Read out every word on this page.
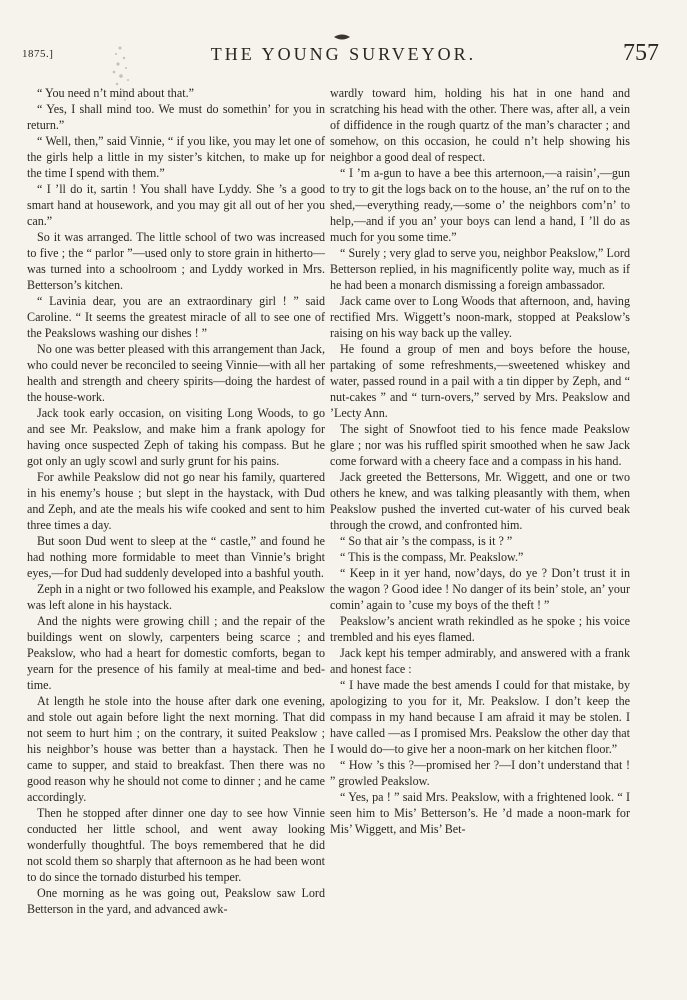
1875.]	THE YOUNG SURVEYOR.	757

“ You need n’t mind about that.”

“ Yes, I shall mind too. We must do somethin’ for you in return.”

“ Well, then,” said Vinnie, “ if you like, you may let one of the girls help a little in my sister’s kitchen, to make up for the time I spend with them.”

“ I ’ll do it, sartin ! You shall have Lyddy. She ’s a good smart hand at housework, and you may git all out of her you can.”

So it was arranged. The little school of two was increased to five ; the “ parlor ”—used only to store grain in hitherto—was turned into a schoolroom ; and Lyddy worked in Mrs. Betterson’s kitchen.

“ Lavinia dear, you are an extraordinary girl ! ” said Caroline. “ It seems the greatest miracle of all to see one of the Peakslows washing our dishes ! ”

No one was better pleased with this arrangement than Jack, who could never be reconciled to seeing Vinnie—with all her health and strength and cheery spirits—doing the hardest of the house-work.

Jack took early occasion, on visiting Long Woods, to go and see Mr. Peakslow, and make him a frank apology for having once suspected Zeph of taking his compass. But he got only an ugly scowl and surly grunt for his pains.

For awhile Peakslow did not go near his family, quartered in his enemy’s house ; but slept in the haystack, with Dud and Zeph, and ate the meals his wife cooked and sent to him three times a day.

But soon Dud went to sleep at the “ castle,” and found he had nothing more formidable to meet than Vinnie’s bright eyes,—for Dud had suddenly developed into a bashful youth.

Zeph in a night or two followed his example, and Peakslow was left alone in his haystack.

And the nights were growing chill ; and the repair of the buildings went on slowly, carpenters being scarce ; and Peakslow, who had a heart for domestic comforts, began to yearn for the presence of his family at meal-time and bed-time.

At length he stole into the house after dark one evening, and stole out again before light the next morning. That did not seem to hurt him ; on the contrary, it suited Peakslow ; his neighbor’s house was better than a haystack. Then he came to supper, and staid to breakfast. Then there was no good reason why he should not come to dinner ; and he came accordingly.

Then he stopped after dinner one day to see how Vinnie conducted her little school, and went away looking wonderfully thoughtful. The boys remembered that he did not scold them so sharply that afternoon as he had been wont to do since the tornado disturbed his temper.

One morning as he was going out, Peakslow saw Lord Betterson in the yard, and advanced awk-

wardly toward him, holding his hat in one hand and scratching his head with the other. There was, after all, a vein of diffidence in the rough quartz of the man’s character ; and somehow, on this occasion, he could n’t help showing his neighbor a good deal of respect.

“ I ’m a-gun to have a bee this arternoon,—a raisin’,—gun to try to git the logs back on to the house, an’ the ruf on to the shed,—everything ready,—some o’ the neighbors com’n’ to help,—and if you an’ your boys can lend a hand, I ’ll do as much for you some time.”

“ Surely ; very glad to serve you, neighbor Peakslow,” Lord Betterson replied, in his magnificently polite way, much as if he had been a monarch dismissing a foreign ambassador.

Jack came over to Long Woods that afternoon, and, having rectified Mrs. Wiggett’s noon-mark, stopped at Peakslow’s raising on his way back up the valley.

He found a group of men and boys before the house, partaking of some refreshments,—sweetened whiskey and water, passed round in a pail with a tin dipper by Zeph, and “ nut-cakes ” and “ turn-overs,” served by Mrs. Peakslow and ’Lecty Ann.

The sight of Snowfoot tied to his fence made Peakslow glare ; nor was his ruffled spirit smoothed when he saw Jack come forward with a cheery face and a compass in his hand.

Jack greeted the Bettersons, Mr. Wiggett, and one or two others he knew, and was talking pleasantly with them, when Peakslow pushed the inverted cut-water of his curved beak through the crowd, and confronted him.

“ So that air ’s the compass, is it ? ”

“ This is the compass, Mr. Peakslow.”

“ Keep in it yer hand, now’days, do ye ? Don’t trust it in the wagon ? Good idee ! No danger of its bein’ stole, an’ your comin’ again to ’cuse my boys of the theft ! ”

Peakslow’s ancient wrath rekindled as he spoke ; his voice trembled and his eyes flamed.

Jack kept his temper admirably, and answered with a frank and honest face :

“ I have made the best amends I could for that mistake, by apologizing to you for it, Mr. Peakslow. I don’t keep the compass in my hand because I am afraid it may be stolen. I have called —as I promised Mrs. Peakslow the other day that I would do—to give her a noon-mark on her kitchen floor.”

“ How ’s this ?—promised her ?—I don’t understand that ! ” growled Peakslow.

“ Yes, pa ! ” said Mrs. Peakslow, with a frightened look. “ I seen him to Mis’ Betterson’s. He ’d made a noon-mark for Mis’ Wiggett, and Mis’ Bet-
